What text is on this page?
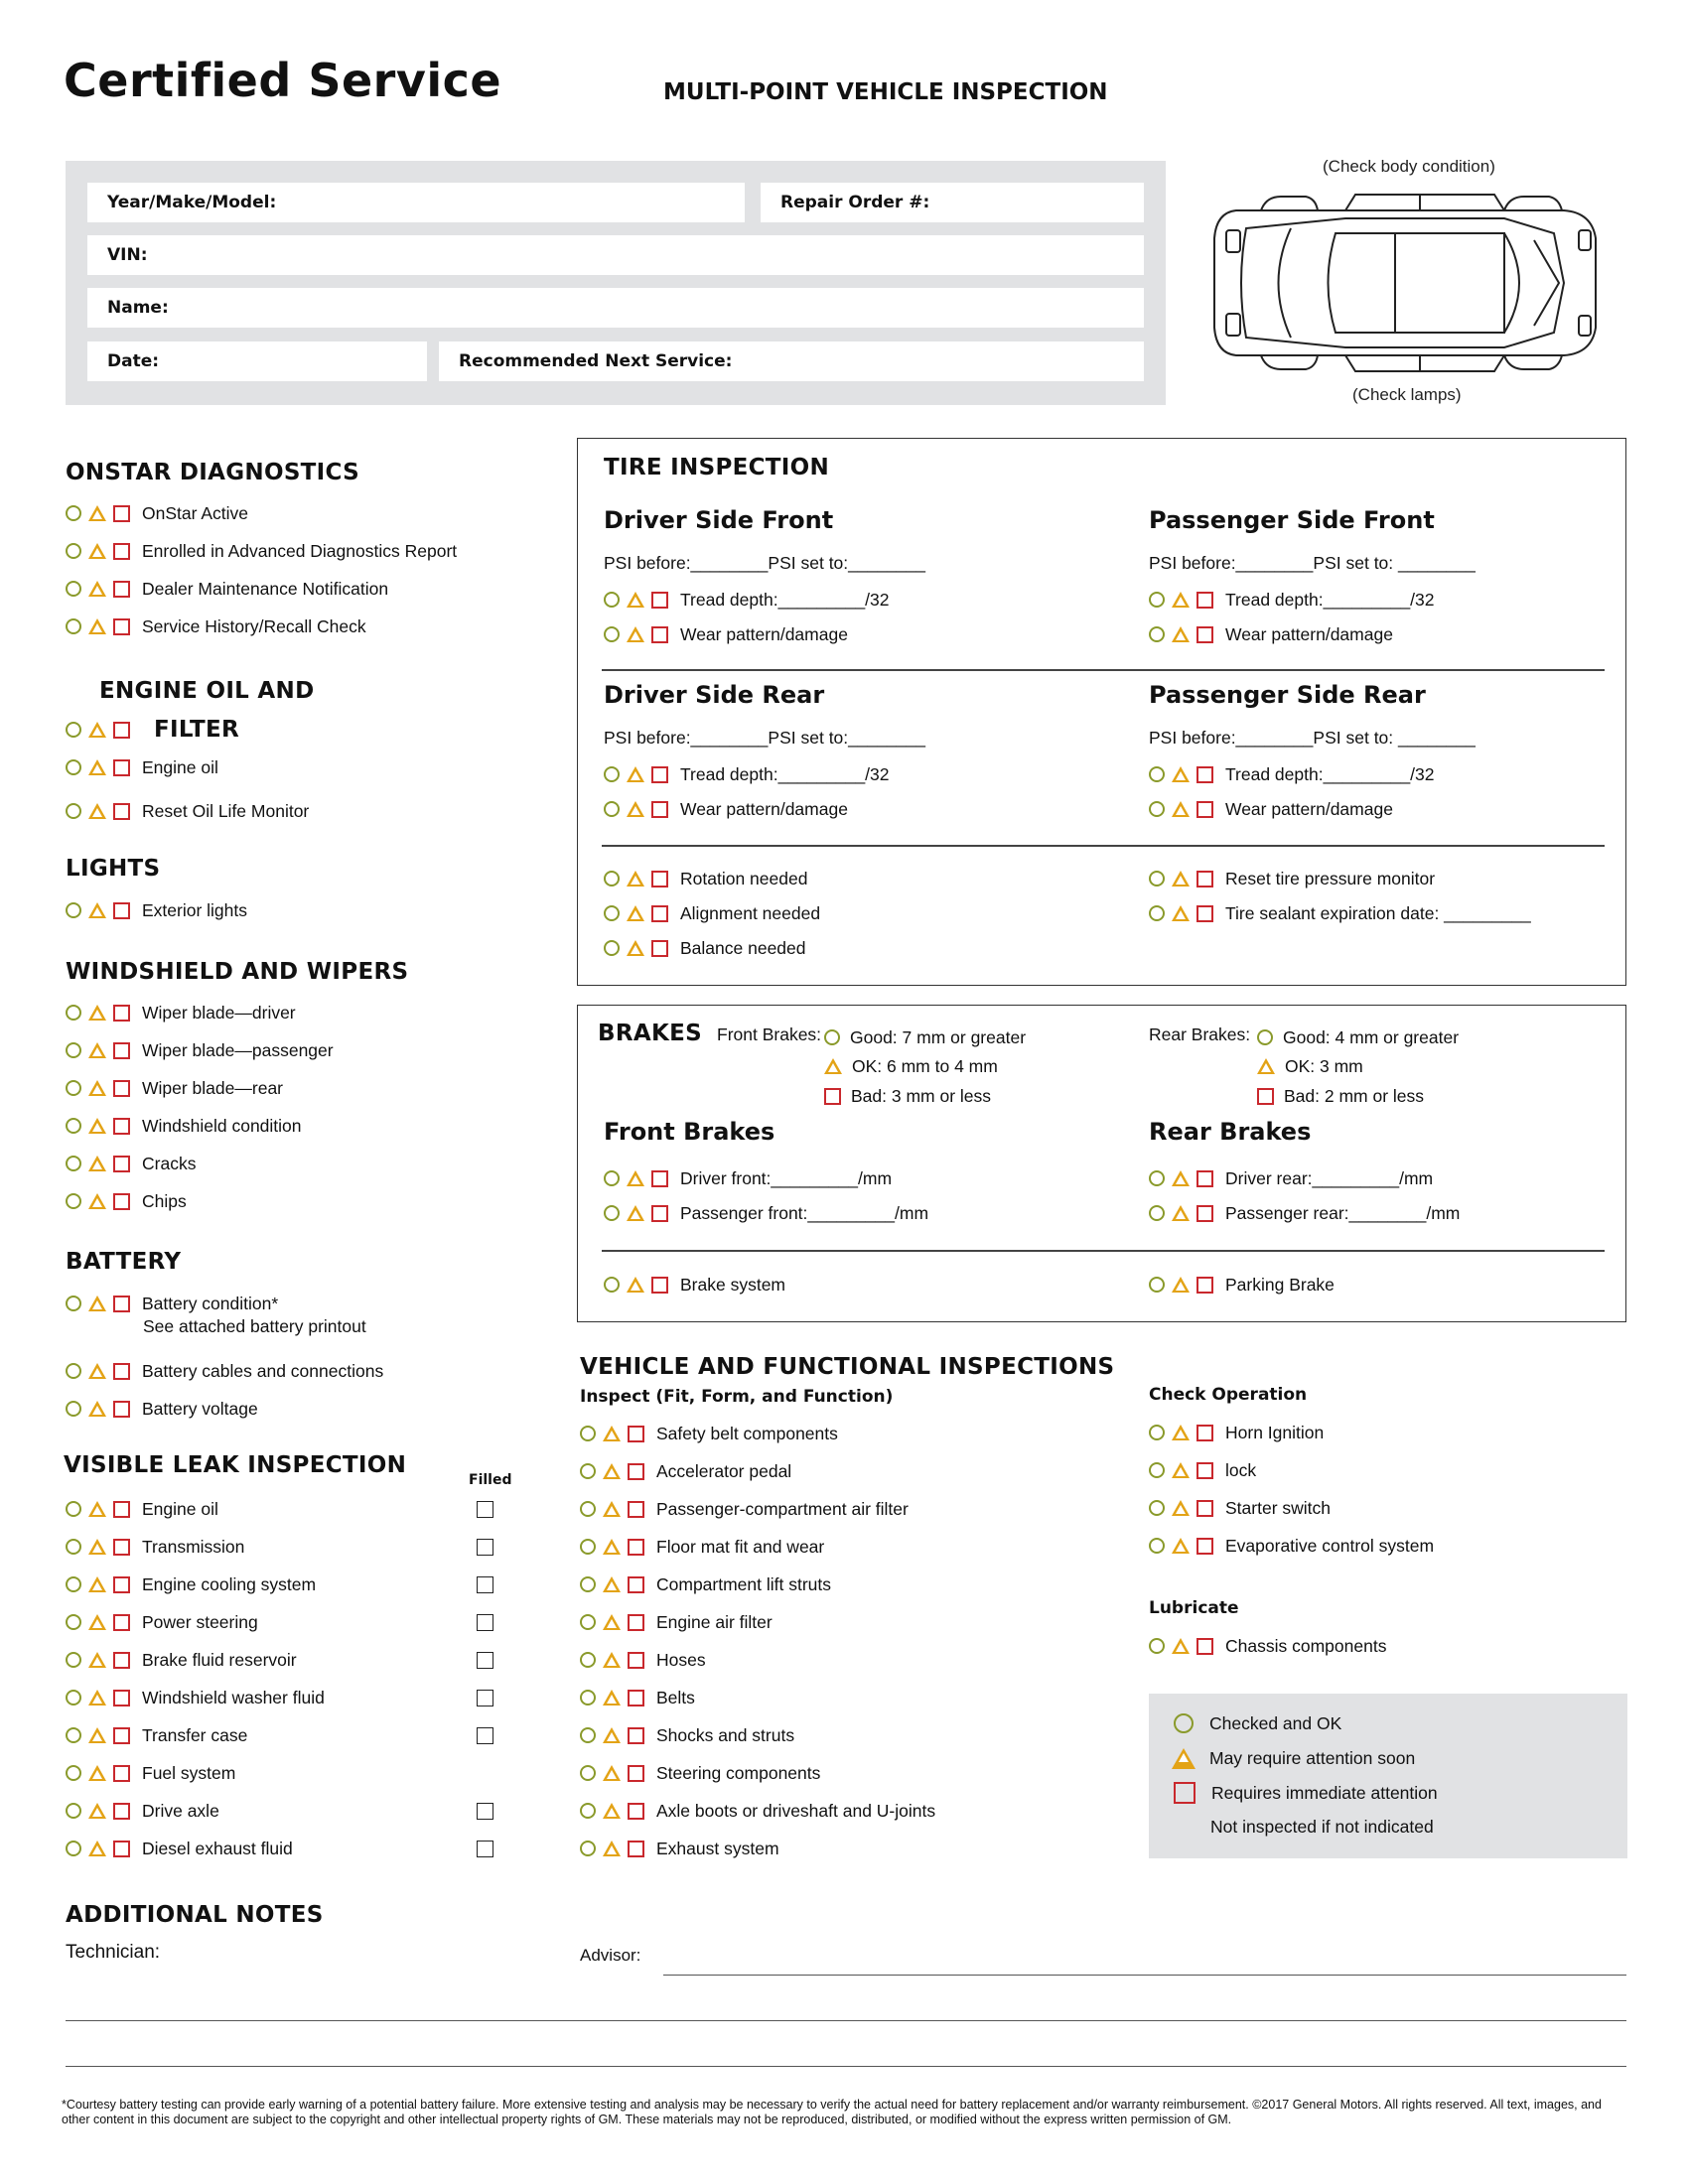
Certified Service	MULTI-POINT VEHICLE INSPECTION
Year/Make/Model:	Repair Order #:
VIN:
Name:
Date:	Recommended Next Service:
(Check body condition)
(Check lamps)
ONSTAR DIAGNOSTICS
OnStar Active
Enrolled in Advanced Diagnostics Report
Dealer Maintenance Notification
Service History/Recall Check
ENGINE OIL AND
FILTER
Engine oil
Reset Oil Life Monitor
LIGHTS
Exterior lights
WINDSHIELD AND WIPERS
Wiper blade—driver
Wiper blade—passenger
Wiper blade—rear
Windshield condition
Cracks
Chips
BATTERY
Battery condition*
See attached battery printout
Battery cables and connections
Battery voltage
VISIBLE LEAK INSPECTION
Filled
Engine oil
Transmission
Engine cooling system
Power steering
Brake fluid reservoir
Windshield washer fluid
Transfer case
Fuel system
Drive axle
Diesel exhaust fluid
TIRE INSPECTION
Driver Side Front
PSI before:________PSI set to:________
Tread depth:_________/32
Wear pattern/damage
Passenger Side Front
PSI before:________PSI set to: ________
Tread depth:_________/32
Wear pattern/damage
Driver Side Rear
PSI before:________PSI set to:________
Tread depth:_________/32
Wear pattern/damage
Passenger Side Rear
PSI before:________PSI set to: ________
Tread depth:_________/32
Wear pattern/damage
Rotation needed
Alignment needed
Balance needed
Reset tire pressure monitor
Tire sealant expiration date: _________
BRAKES Front Brakes: Good: 7 mm or greater
OK: 6 mm to 4 mm
Bad: 3 mm or less
Rear Brakes: Good: 4 mm or greater
OK: 3 mm
Bad: 2 mm or less
Front Brakes	Rear Brakes
Driver front:_________/mm
Passenger front:_________/mm
Driver rear:_________/mm
Passenger rear:________/mm
Brake system	Parking Brake
VEHICLE AND FUNCTIONAL INSPECTIONS
Inspect (Fit, Form, and Function)
Safety belt components
Accelerator pedal
Passenger-compartment air filter
Floor mat fit and wear
Compartment lift struts
Engine air filter
Hoses
Belts
Shocks and struts
Steering components
Axle boots or driveshaft and U-joints
Exhaust system
Check Operation
Horn Ignition
lock
Starter switch
Evaporative control system
Lubricate
Chassis components
Checked and OK
May require attention soon
Requires immediate attention
Not inspected if not indicated
ADDITIONAL NOTES
Technician:	Advisor:
*Courtesy battery testing can provide early warning of a potential battery failure. More extensive testing and analysis may be necessary to verify the actual need for battery replacement and/or warranty reimbursement. ©2017 General Motors. All rights reserved. All text, images, and other content in this document are subject to the copyright and other intellectual property rights of GM. These materials may not be reproduced, distributed, or modified without the express written permission of GM.
